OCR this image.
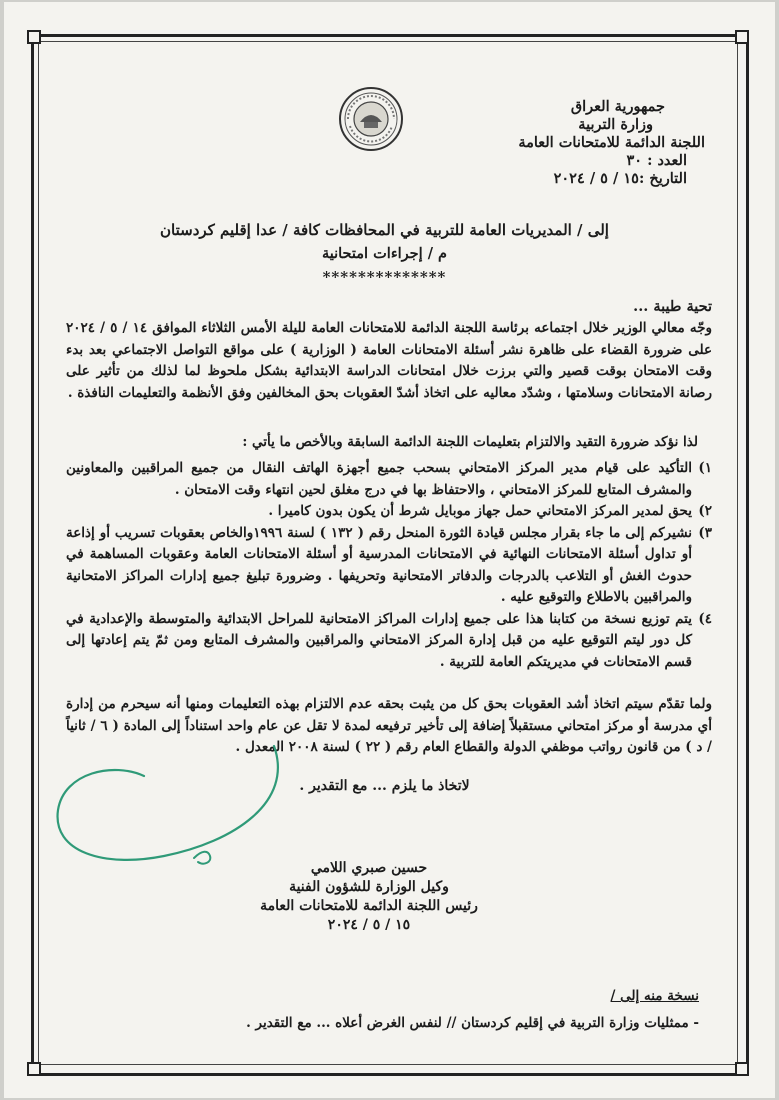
جمهورية العراق
وزارة التربية
اللجنة الدائمة للامتحانات العامة
العدد : ٣٠
التاريخ :١٥ / ٥ / ٢٠٢٤
إلى / المديريات العامة للتربية في المحافظات كافة / عدا إقليم كردستان
م / إجراءات امتحانية
**************
تحية طيبة ...
وجّه معالي الوزير خلال اجتماعه برئاسة اللجنة الدائمة للامتحانات العامة لليلة الأمس الثلاثاء الموافق ١٤ / ٥ / ٢٠٢٤ على ضرورة القضاء على ظاهرة نشر أسئلة الامتحانات العامة ( الوزارية ) على مواقع التواصل الاجتماعي بعد بدء وقت الامتحان بوقت قصير والتي برزت خلال امتحانات الدراسة الابتدائية بشكل ملحوظ لما لذلك من تأثير على رصانة الامتحانات وسلامتها ، وشدّد معاليه على اتخاذ أشدّ العقوبات بحق المخالفين وفق الأنظمة والتعليمات النافذة .
لذا نؤكد ضرورة التقيد والالتزام بتعليمات اللجنة الدائمة السابقة وبالأخص ما يأتي :
١)
التأكيد على قيام مدير المركز الامتحاني بسحب جميع أجهزة الهاتف النقال من جميع المراقبين والمعاونين والمشرف المتابع للمركز الامتحاني ، والاحتفاظ بها في درج مغلق لحين انتهاء وقت الامتحان .
٢)
يحق لمدير المركز الامتحاني حمل جهاز موبايل شرط أن يكون بدون كاميرا .
٣)
نشيركم إلى ما جاء بقرار مجلس قيادة الثورة المنحل رقم ( ١٣٢ ) لسنة ١٩٩٦والخاص بعقوبات تسريب أو إذاعة أو تداول أسئلة الامتحانات النهائية في الامتحانات المدرسية أو أسئلة الامتحانات العامة وعقوبات المساهمة في حدوث الغش أو التلاعب بالدرجات والدفاتر الامتحانية وتحريفها . وضرورة تبليغ جميع إدارات المراكز الامتحانية والمراقبين بالاطلاع والتوقيع عليه .
٤)
يتم توزيع نسخة من كتابنا هذا على جميع إدارات المراكز الامتحانية للمراحل الابتدائية والمتوسطة والإعدادية في كل دور ليتم التوقيع عليه من قبل إدارة المركز الامتحاني والمراقبين والمشرف المتابع ومن ثمّ يتم إعادتها إلى قسم الامتحانات في مديريتكم العامة للتربية .
ولما تقدّم سيتم اتخاذ أشد العقوبات بحق كل من يثبت بحقه عدم الالتزام بهذه التعليمات ومنها أنه سيحرم من إدارة أي مدرسة أو مركز امتحاني مستقبلاً إضافة إلى تأخير ترفيعه لمدة لا تقل عن عام واحد استناداً إلى المادة ( ٦ / ثانياً / د ) من قانون رواتب موظفي الدولة والقطاع العام رقم ( ٢٢ ) لسنة ٢٠٠٨ المعدل .
لاتخاذ ما يلزم ... مع التقدير .
حسين صبري اللامي
وكيل الوزارة للشؤون الفنية
رئيس اللجنة الدائمة للامتحانات العامة
١٥ / ٥ / ٢٠٢٤
نسخة منه إلى /
- ممثليات وزارة التربية في إقليم كردستان // لنفس الغرض أعلاه ... مع التقدير .
